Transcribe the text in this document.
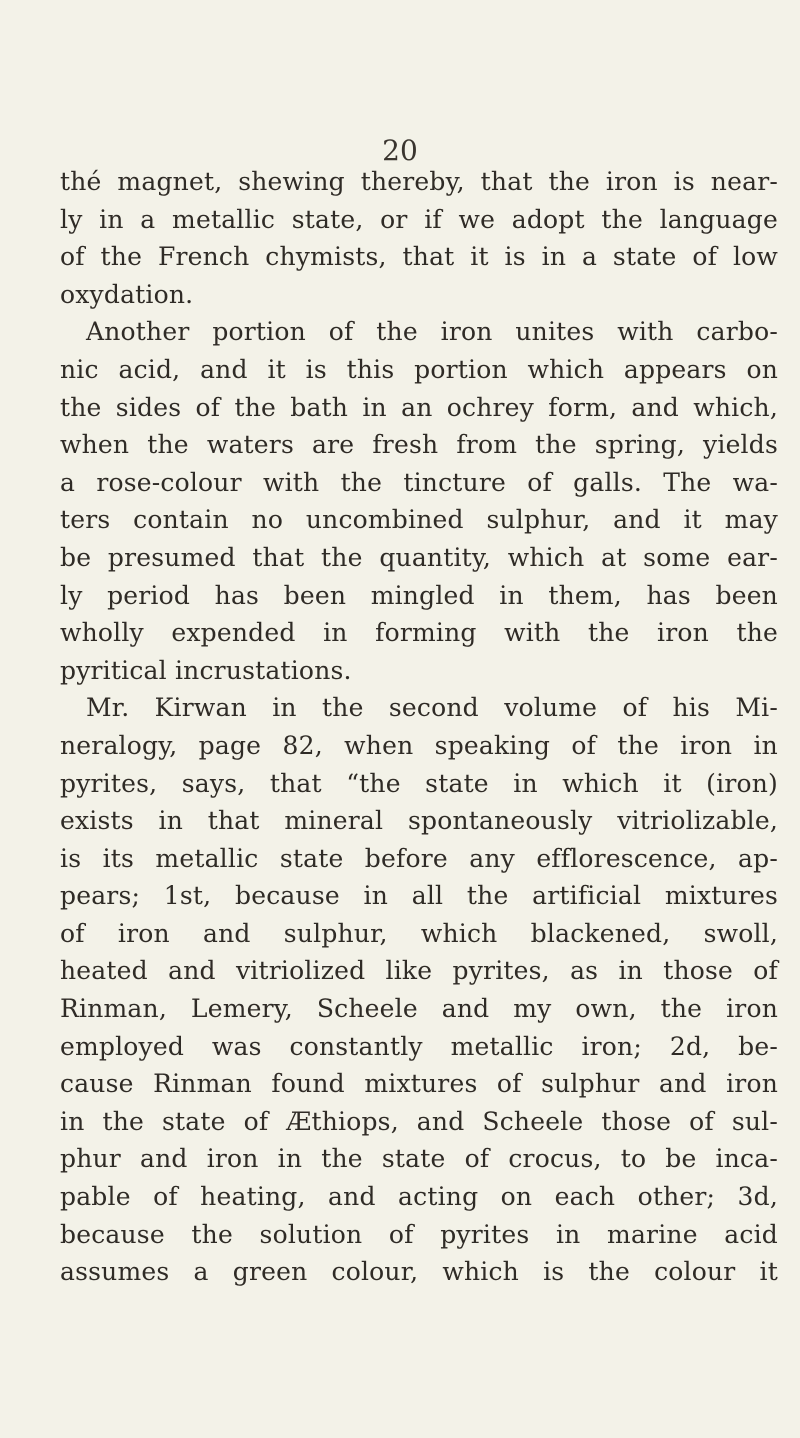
20
thé magnet, shewing thereby, that the iron is near-
ly in a metallic state, or if we adopt the language
of the French chymists, that it is in a state of low
oxydation.
Another portion of the iron unites with carbo-
nic acid, and it is this portion which appears on
the sides of the bath in an ochrey form, and which,
when the waters are fresh from the spring, yields
a rose-colour with the tincture of galls. The wa-
ters contain no uncombined sulphur, and it may
be presumed that the quantity, which at some ear-
ly period has been mingled in them, has been
wholly expended in forming with the iron the
pyritical incrustations.
Mr. Kirwan in the second volume of his Mi-
neralogy, page 82, when speaking of the iron in
pyrites, says, that “the state in which it (iron)
exists in that mineral spontaneously vitriolizable,
is its metallic state before any efflorescence, ap-
pears; 1st, because in all the artificial mixtures
of iron and sulphur, which blackened, swoll,
heated and vitriolized like pyrites, as in those of
Rinman, Lemery, Scheele and my own, the iron
employed was constantly metallic iron; 2d, be-
cause Rinman found mixtures of sulphur and iron
in the state of Æthiops, and Scheele those of sul-
phur and iron in the state of crocus, to be inca-
pable of heating, and acting on each other; 3d,
because the solution of pyrites in marine acid
assumes a green colour, which is the colour it
